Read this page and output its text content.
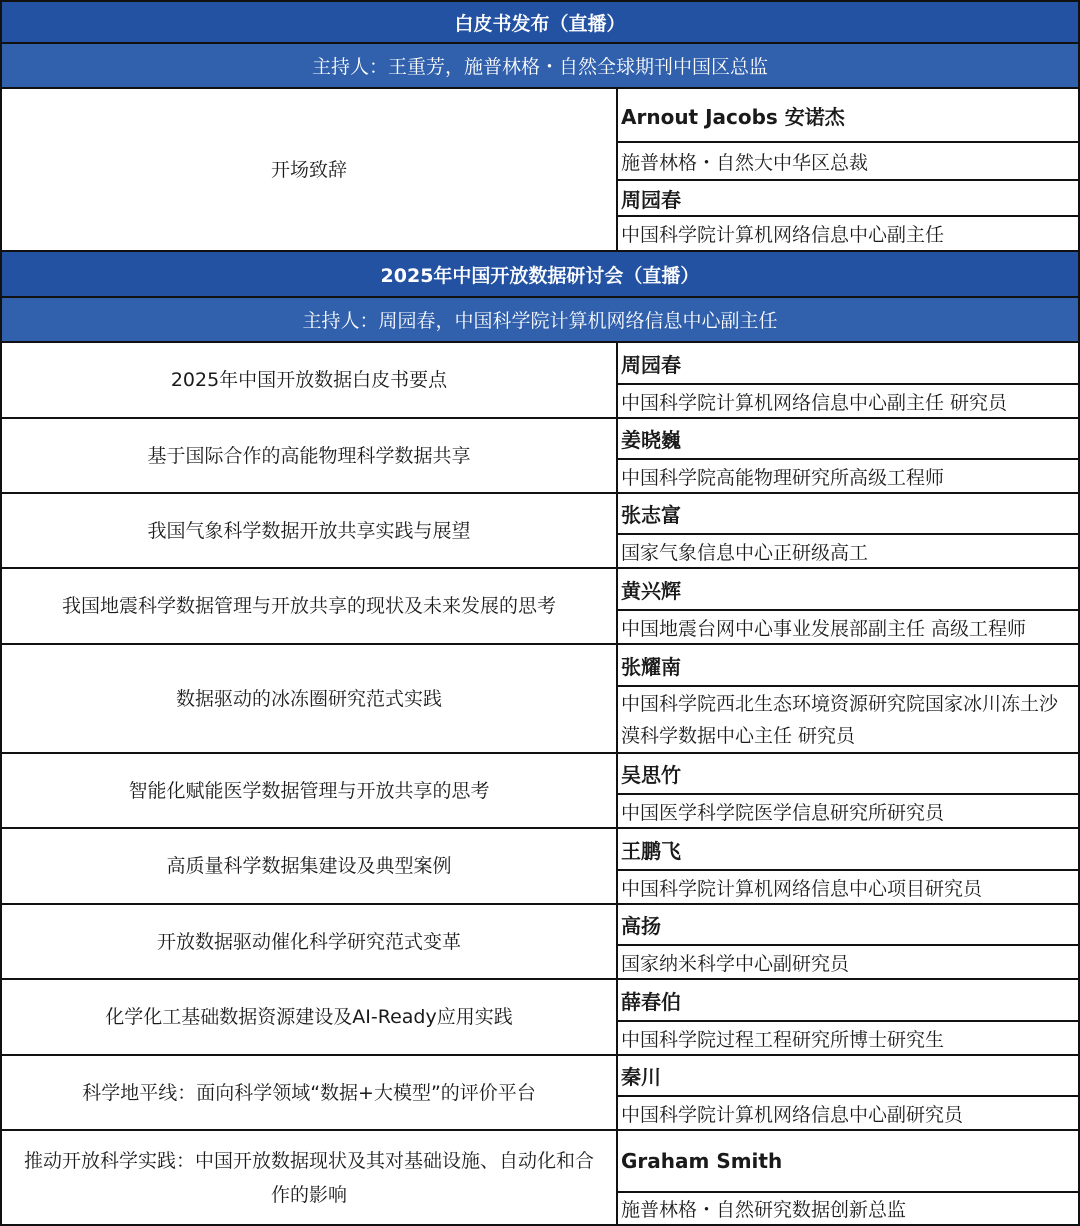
白皮书发布（直播）
主持人：王重芳，施普林格・自然全球期刊中国区总监
开场致辞
Arnout Jacobs 安诺杰
施普林格・自然大中华区总裁
周园春
中国科学院计算机网络信息中心副主任
2025年中国开放数据研讨会（直播）
主持人：周园春，中国科学院计算机网络信息中心副主任
2025年中国开放数据白皮书要点
周园春
中国科学院计算机网络信息中心副主任 研究员
基于国际合作的高能物理科学数据共享
姜晓巍
中国科学院高能物理研究所高级工程师
我国气象科学数据开放共享实践与展望
张志富
国家气象信息中心正研级高工
我国地震科学数据管理与开放共享的现状及未来发展的思考
黄兴辉
中国地震台网中心事业发展部副主任 高级工程师
数据驱动的冰冻圈研究范式实践
张耀南
中国科学院西北生态环境资源研究院国家冰川冻土沙漠科学数据中心主任 研究员
智能化赋能医学数据管理与开放共享的思考
吴思竹
中国医学科学院医学信息研究所研究员
高质量科学数据集建设及典型案例
王鹏飞
中国科学院计算机网络信息中心项目研究员
开放数据驱动催化科学研究范式变革
高扬
国家纳米科学中心副研究员
化学化工基础数据资源建设及AI-Ready应用实践
薛春伯
中国科学院过程工程研究所博士研究生
科学地平线：面向科学领域“数据+大模型”的评价平台
秦川
中国科学院计算机网络信息中心副研究员
推动开放科学实践：中国开放数据现状及其对基础设施、自动化和合作的影响
Graham Smith
施普林格・自然研究数据创新总监
